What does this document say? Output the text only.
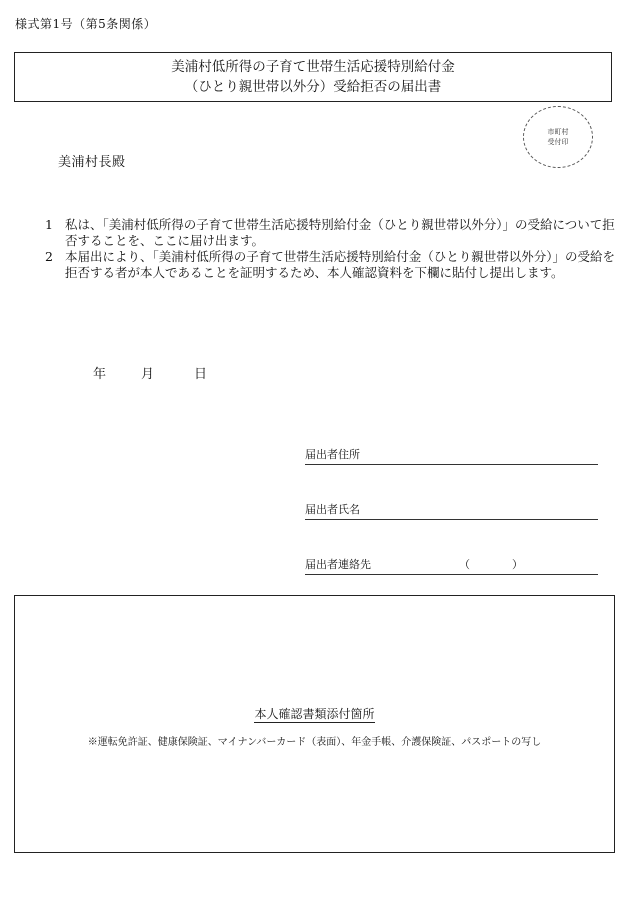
様式第1号（第5条関係）
美浦村低所得の子育て世帯生活応援特別給付金
（ひとり親世帯以外分）受給拒否の届出書
市町村
受付印
美浦村長殿
1 私は、「美浦村低所得の子育て世帯生活応援特別給付金（ひとり親世帯以外分）」の受給について拒否することを、ここに届け出ます。
2 本届出により、「美浦村低所得の子育て世帯生活応援特別給付金（ひとり親世帯以外分）」の受給を拒否する者が本人であることを証明するため、本人確認資料を下欄に貼付し提出します。
年	月	日
届出者住所
届出者氏名
届出者連絡先	（	）
本人確認書類添付箇所
※運転免許証、健康保険証、マイナンバーカード（表面）、年金手帳、介護保険証、パスポートの写し
